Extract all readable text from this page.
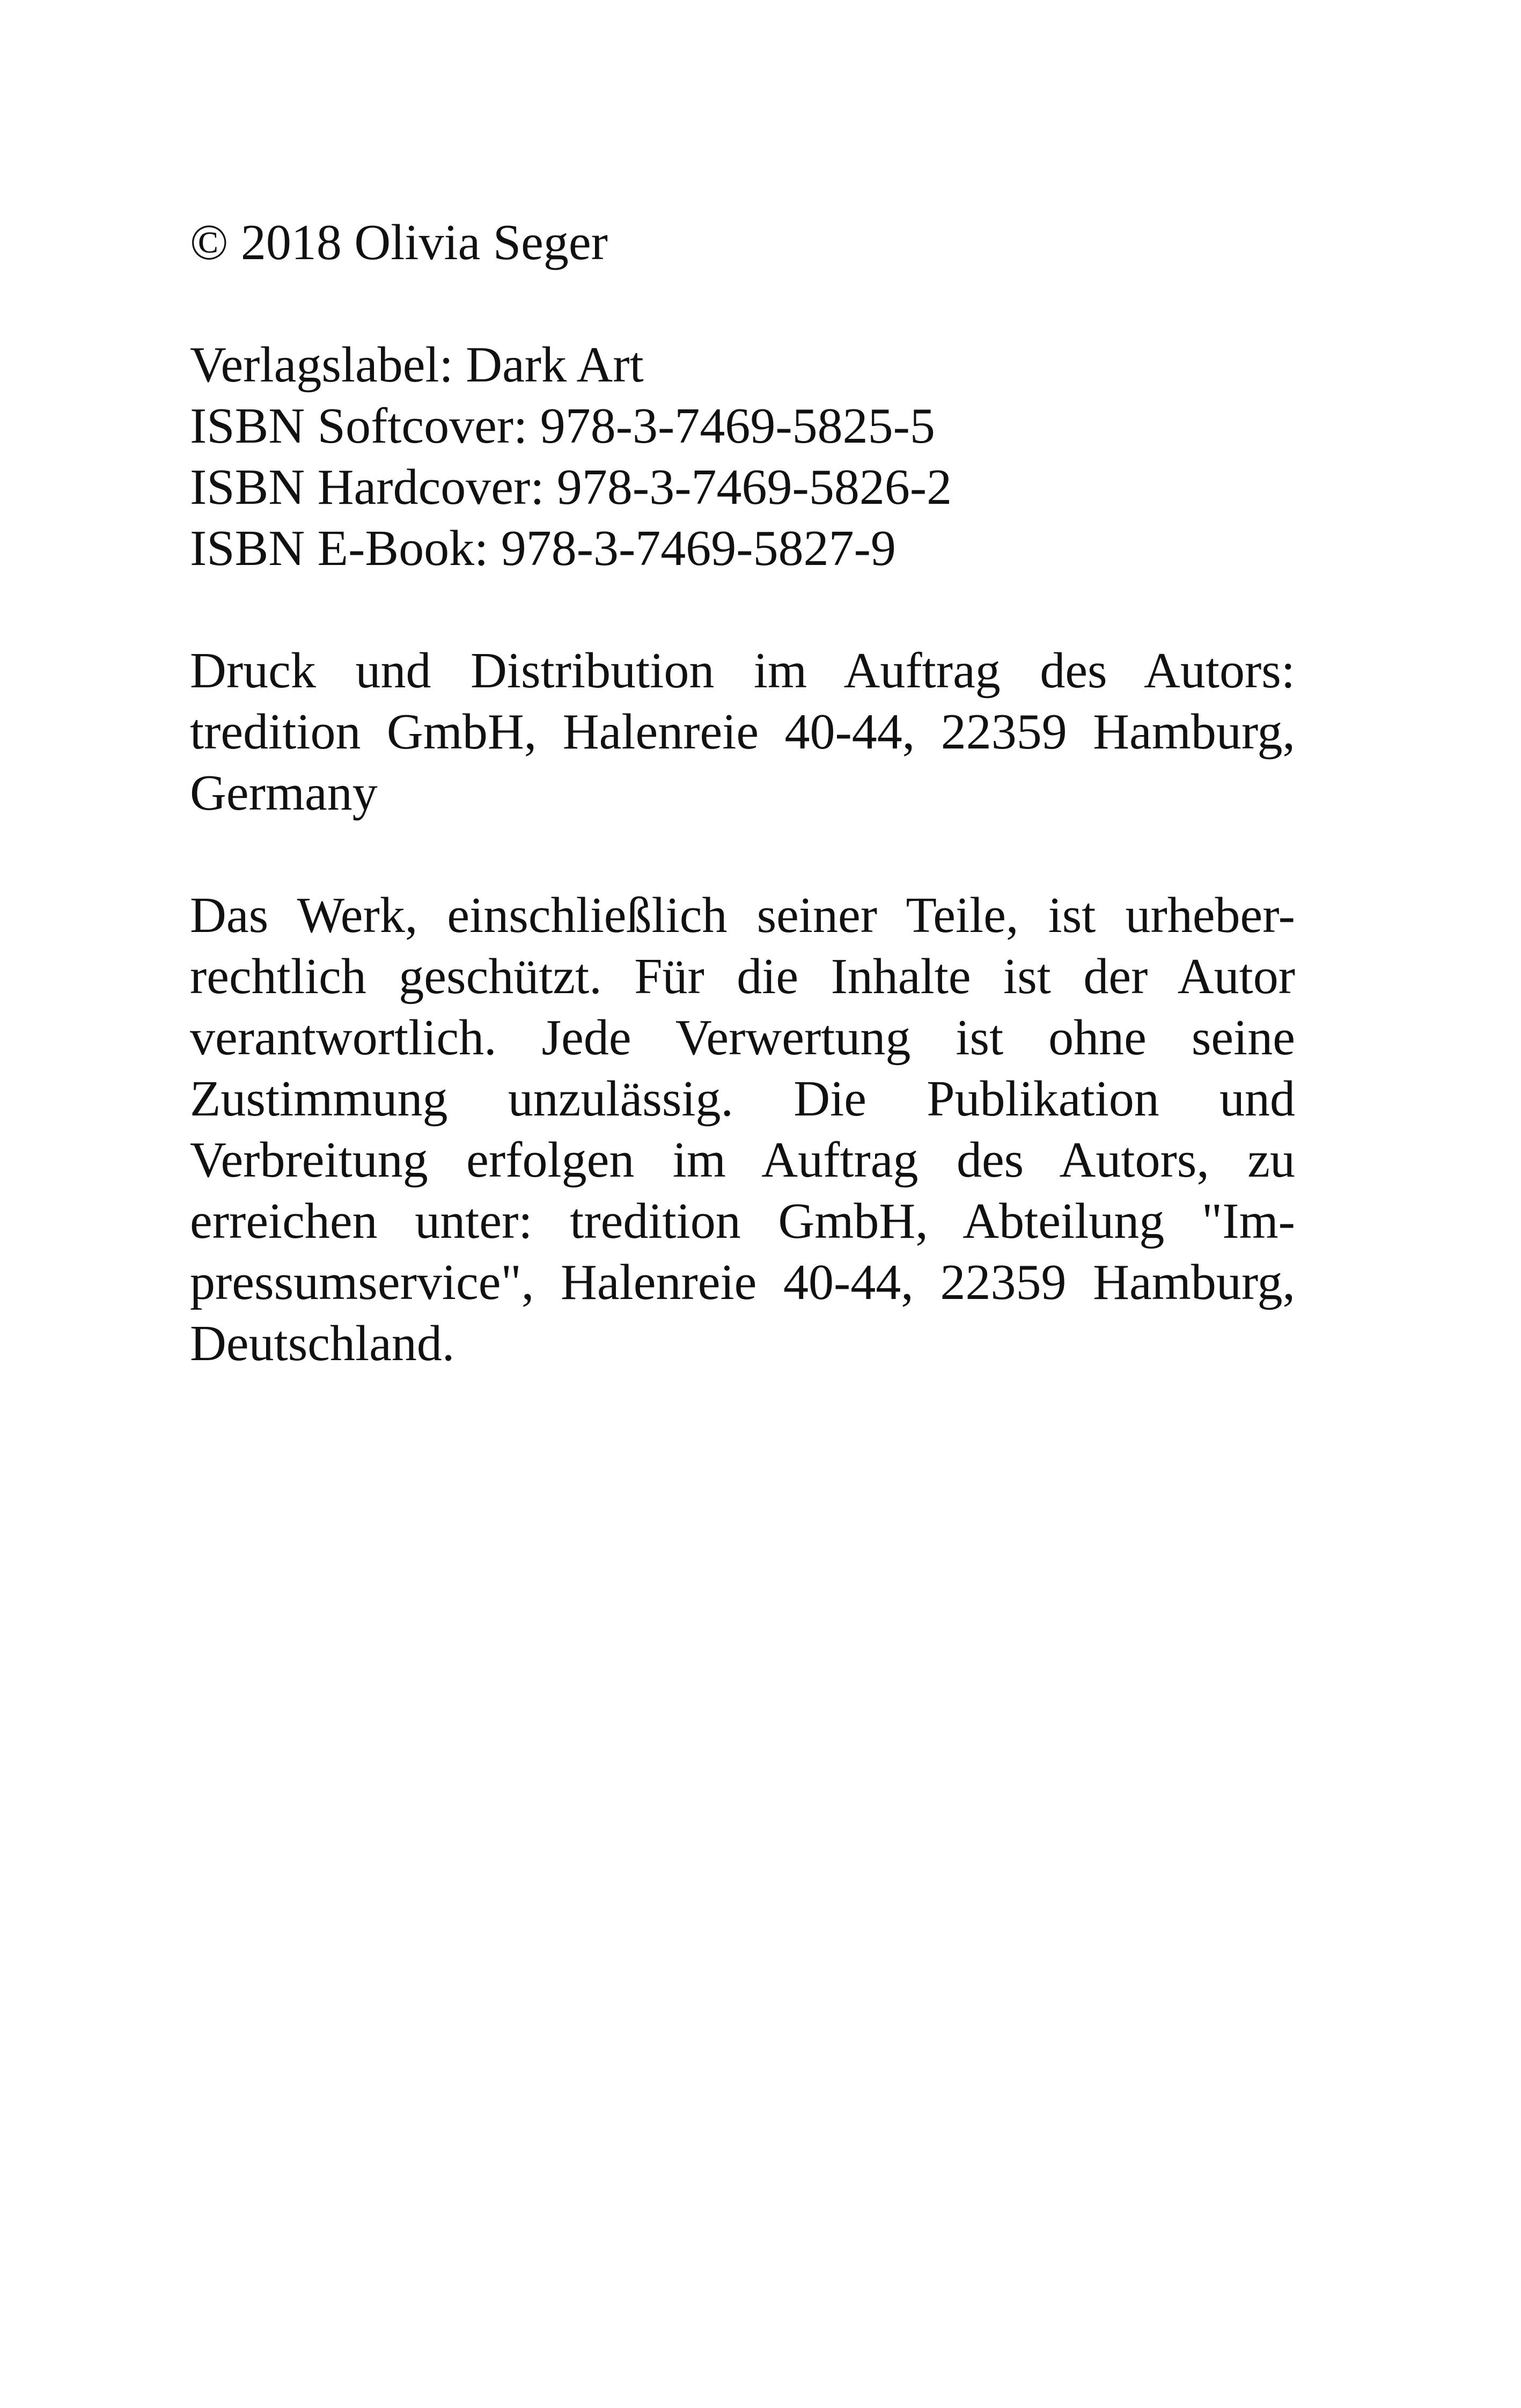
© 2018 Olivia Seger
Verlagslabel: Dark Art
ISBN Softcover: 978-3-7469-5825-5
ISBN Hardcover: 978-3-7469-5826-2
ISBN E-Book: 978-3-7469-5827-9
Druck und Distribution im Auftrag des Autors:
tredition GmbH, Halenreie 40-44, 22359 Hamburg,
Germany
Das Werk, einschließlich seiner Teile, ist urheber-
rechtlich geschützt. Für die Inhalte ist der Autor
verantwortlich. Jede Verwertung ist ohne seine
Zustimmung unzulässig. Die Publikation und
Verbreitung erfolgen im Auftrag des Autors, zu
erreichen unter: tredition GmbH, Abteilung "Im-
pressumservice", Halenreie 40-44, 22359 Hamburg,
Deutschland.
